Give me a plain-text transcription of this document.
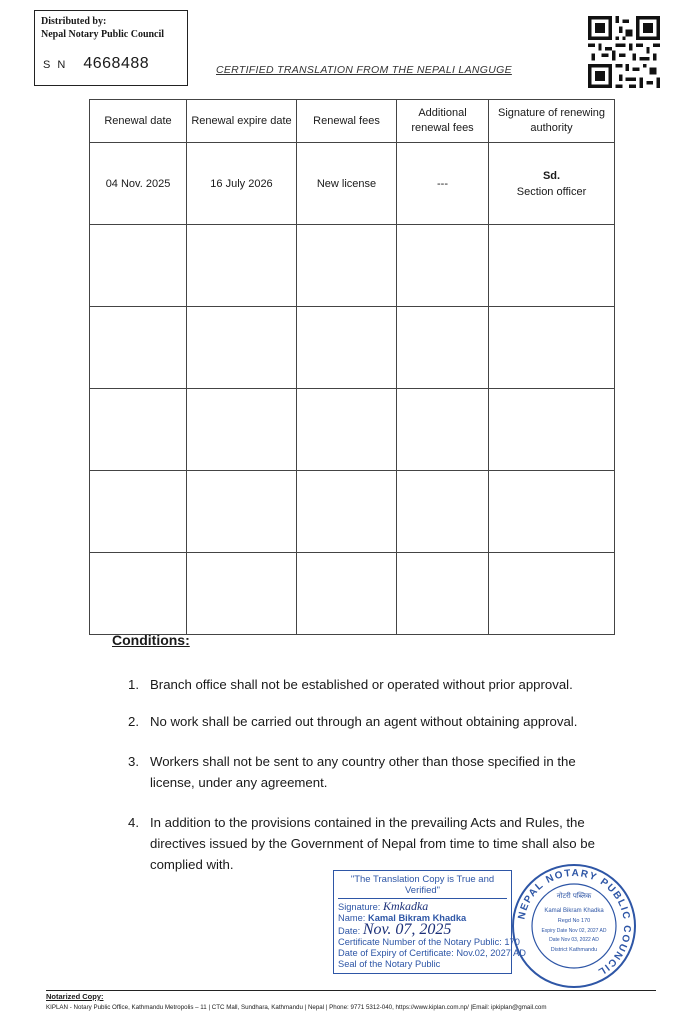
Distributed by:
Nepal Notary Public Council
S N 4668488	CERTIFIED TRANSLATION FROM THE NEPALI LANGUGE
Renewal date	Renewal expire date	Renewal fees	Additional renewal fees	Signature of renewing authority
04 Nov. 2025	16 July 2026	New license	---	Sd.
Section officer

Conditions:
1. Branch office shall not be established or operated without prior approval.
2. No work shall be carried out through an agent without obtaining approval.
3. Workers shall not be sent to any country other than those specified in the license, under any agreement.
4. In addition to the provisions contained in the prevailing Acts and Rules, the directives issued by the Government of Nepal from time to time shall also be complied with.
"The Translation Copy is True and Verified"
Signature: Kmkadka
Name: Kamal Bikram Khadka
Date: Nov. 07, 2025
Certificate Number of the Notary Public: 170
Date of Expiry of Certificate: Nov.02, 2027 AD
Seal of the Notary Public
NEPAL NOTARY PUBLIC COUNCIL
नोटरी पब्लिक
Kamal Bikram Khadka
Regd No 170
Expiry Date Nov 02, 2027 AD
Date Nov 03, 2022 AD
District Kathmandu
Notarized Copy:
KIPLAN - Notary Public Office, Kathmandu Metropolis – 11 | CTC Mall, Sundhara, Kathmandu | Nepal | Phone: 9771 5312-040, https://www.kiplan.com.np/ |Email: ipkiplan@gmail.com
